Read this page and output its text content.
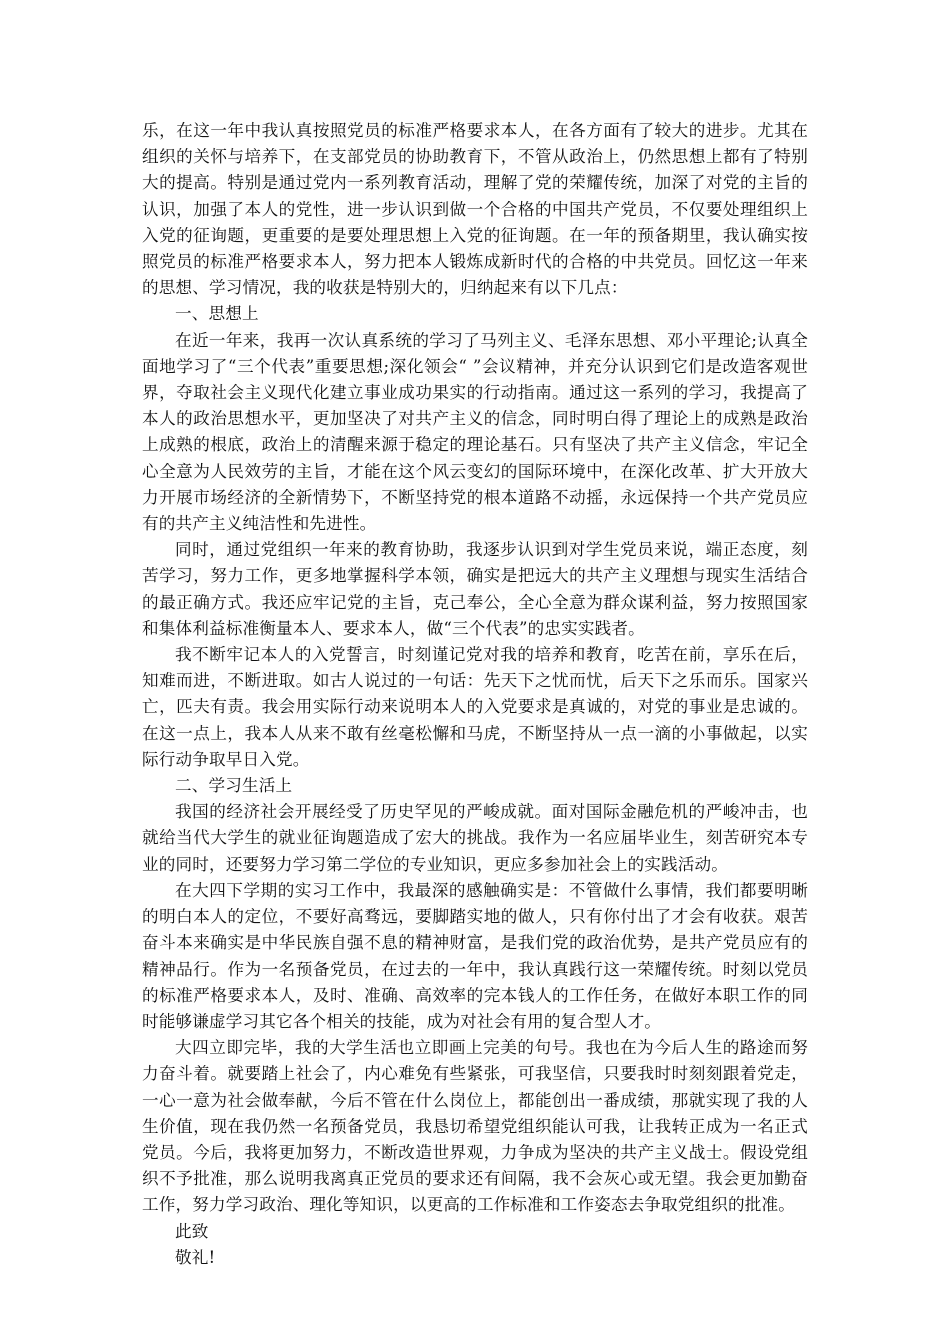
乐，在这一年中我认真按照党员的标准严格要求本人，在各方面有了较大的进步。尤其在组织的关怀与培养下，在支部党员的协助教育下，不管从政治上，仍然思想上都有了特别大的提高。特别是通过党内一系列教育活动，理解了党的荣耀传统，加深了对党的主旨的认识，加强了本人的党性，进一步认识到做一个合格的中国共产党员，不仅要处理组织上入党的征询题，更重要的是要处理思想上入党的征询题。在一年的预备期里，我认确实按照党员的标准严格要求本人，努力把本人锻炼成新时代的合格的中共党员。回忆这一年来的思想、学习情况，我的收获是特别大的，归纳起来有以下几点：

一、思想上

在近一年来，我再一次认真系统的学习了马列主义、毛泽东思想、邓小平理论;认真全面地学习了“三个代表”重要思想;深化领会“ ”会议精神，并充分认识到它们是改造客观世界，夺取社会主义现代化建立事业成功果实的行动指南。通过这一系列的学习，我提高了本人的政治思想水平，更加坚决了对共产主义的信念，同时明白得了理论上的成熟是政治上成熟的根底，政治上的清醒来源于稳定的理论基石。只有坚决了共产主义信念，牢记全心全意为人民效劳的主旨，才能在这个风云变幻的国际环境中，在深化改革、扩大开放大力开展市场经济的全新情势下，不断坚持党的根本道路不动摇，永远保持一个共产党员应有的共产主义纯洁性和先进性。

同时，通过党组织一年来的教育协助，我逐步认识到对学生党员来说，端正态度，刻苦学习，努力工作，更多地掌握科学本领，确实是把远大的共产主义理想与现实生活结合的最正确方式。我还应牢记党的主旨，克己奉公，全心全意为群众谋利益，努力按照国家和集体利益标准衡量本人、要求本人，做“三个代表”的忠实实践者。

我不断牢记本人的入党誓言，时刻谨记党对我的培养和教育，吃苦在前，享乐在后，知难而进，不断进取。如古人说过的一句话：先天下之忧而忧，后天下之乐而乐。国家兴亡，匹夫有责。我会用实际行动来说明本人的入党要求是真诚的，对党的事业是忠诚的。在这一点上，我本人从来不敢有丝毫松懈和马虎，不断坚持从一点一滴的小事做起，以实际行动争取早日入党。

二、学习生活上

我国的经济社会开展经受了历史罕见的严峻成就。面对国际金融危机的严峻冲击，也就给当代大学生的就业征询题造成了宏大的挑战。我作为一名应届毕业生，刻苦研究本专业的同时，还要努力学习第二学位的专业知识，更应多参加社会上的实践活动。

在大四下学期的实习工作中，我最深的感触确实是：不管做什么事情，我们都要明晰的明白本人的定位，不要好高骛远，要脚踏实地的做人，只有你付出了才会有收获。艰苦奋斗本来确实是中华民族自强不息的精神财富，是我们党的政治优势，是共产党员应有的精神品行。作为一名预备党员，在过去的一年中，我认真践行这一荣耀传统。时刻以党员的标准严格要求本人，及时、准确、高效率的完本钱人的工作任务，在做好本职工作的同时能够谦虚学习其它各个相关的技能，成为对社会有用的复合型人才。

大四立即完毕，我的大学生活也立即画上完美的句号。我也在为今后人生的路途而努力奋斗着。就要踏上社会了，内心难免有些紧张，可我坚信，只要我时时刻刻跟着党走，一心一意为社会做奉献，今后不管在什么岗位上，都能创出一番成绩，那就实现了我的人生价值，现在我仍然一名预备党员，我恳切希望党组织能认可我，让我转正成为一名正式党员。今后，我将更加努力，不断改造世界观，力争成为坚决的共产主义战士。假设党组织不予批准，那么说明我离真正党员的要求还有间隔，我不会灰心或无望。我会更加勤奋工作，努力学习政治、理化等知识，以更高的工作标准和工作姿态去争取党组织的批准。

此致

敬礼!
